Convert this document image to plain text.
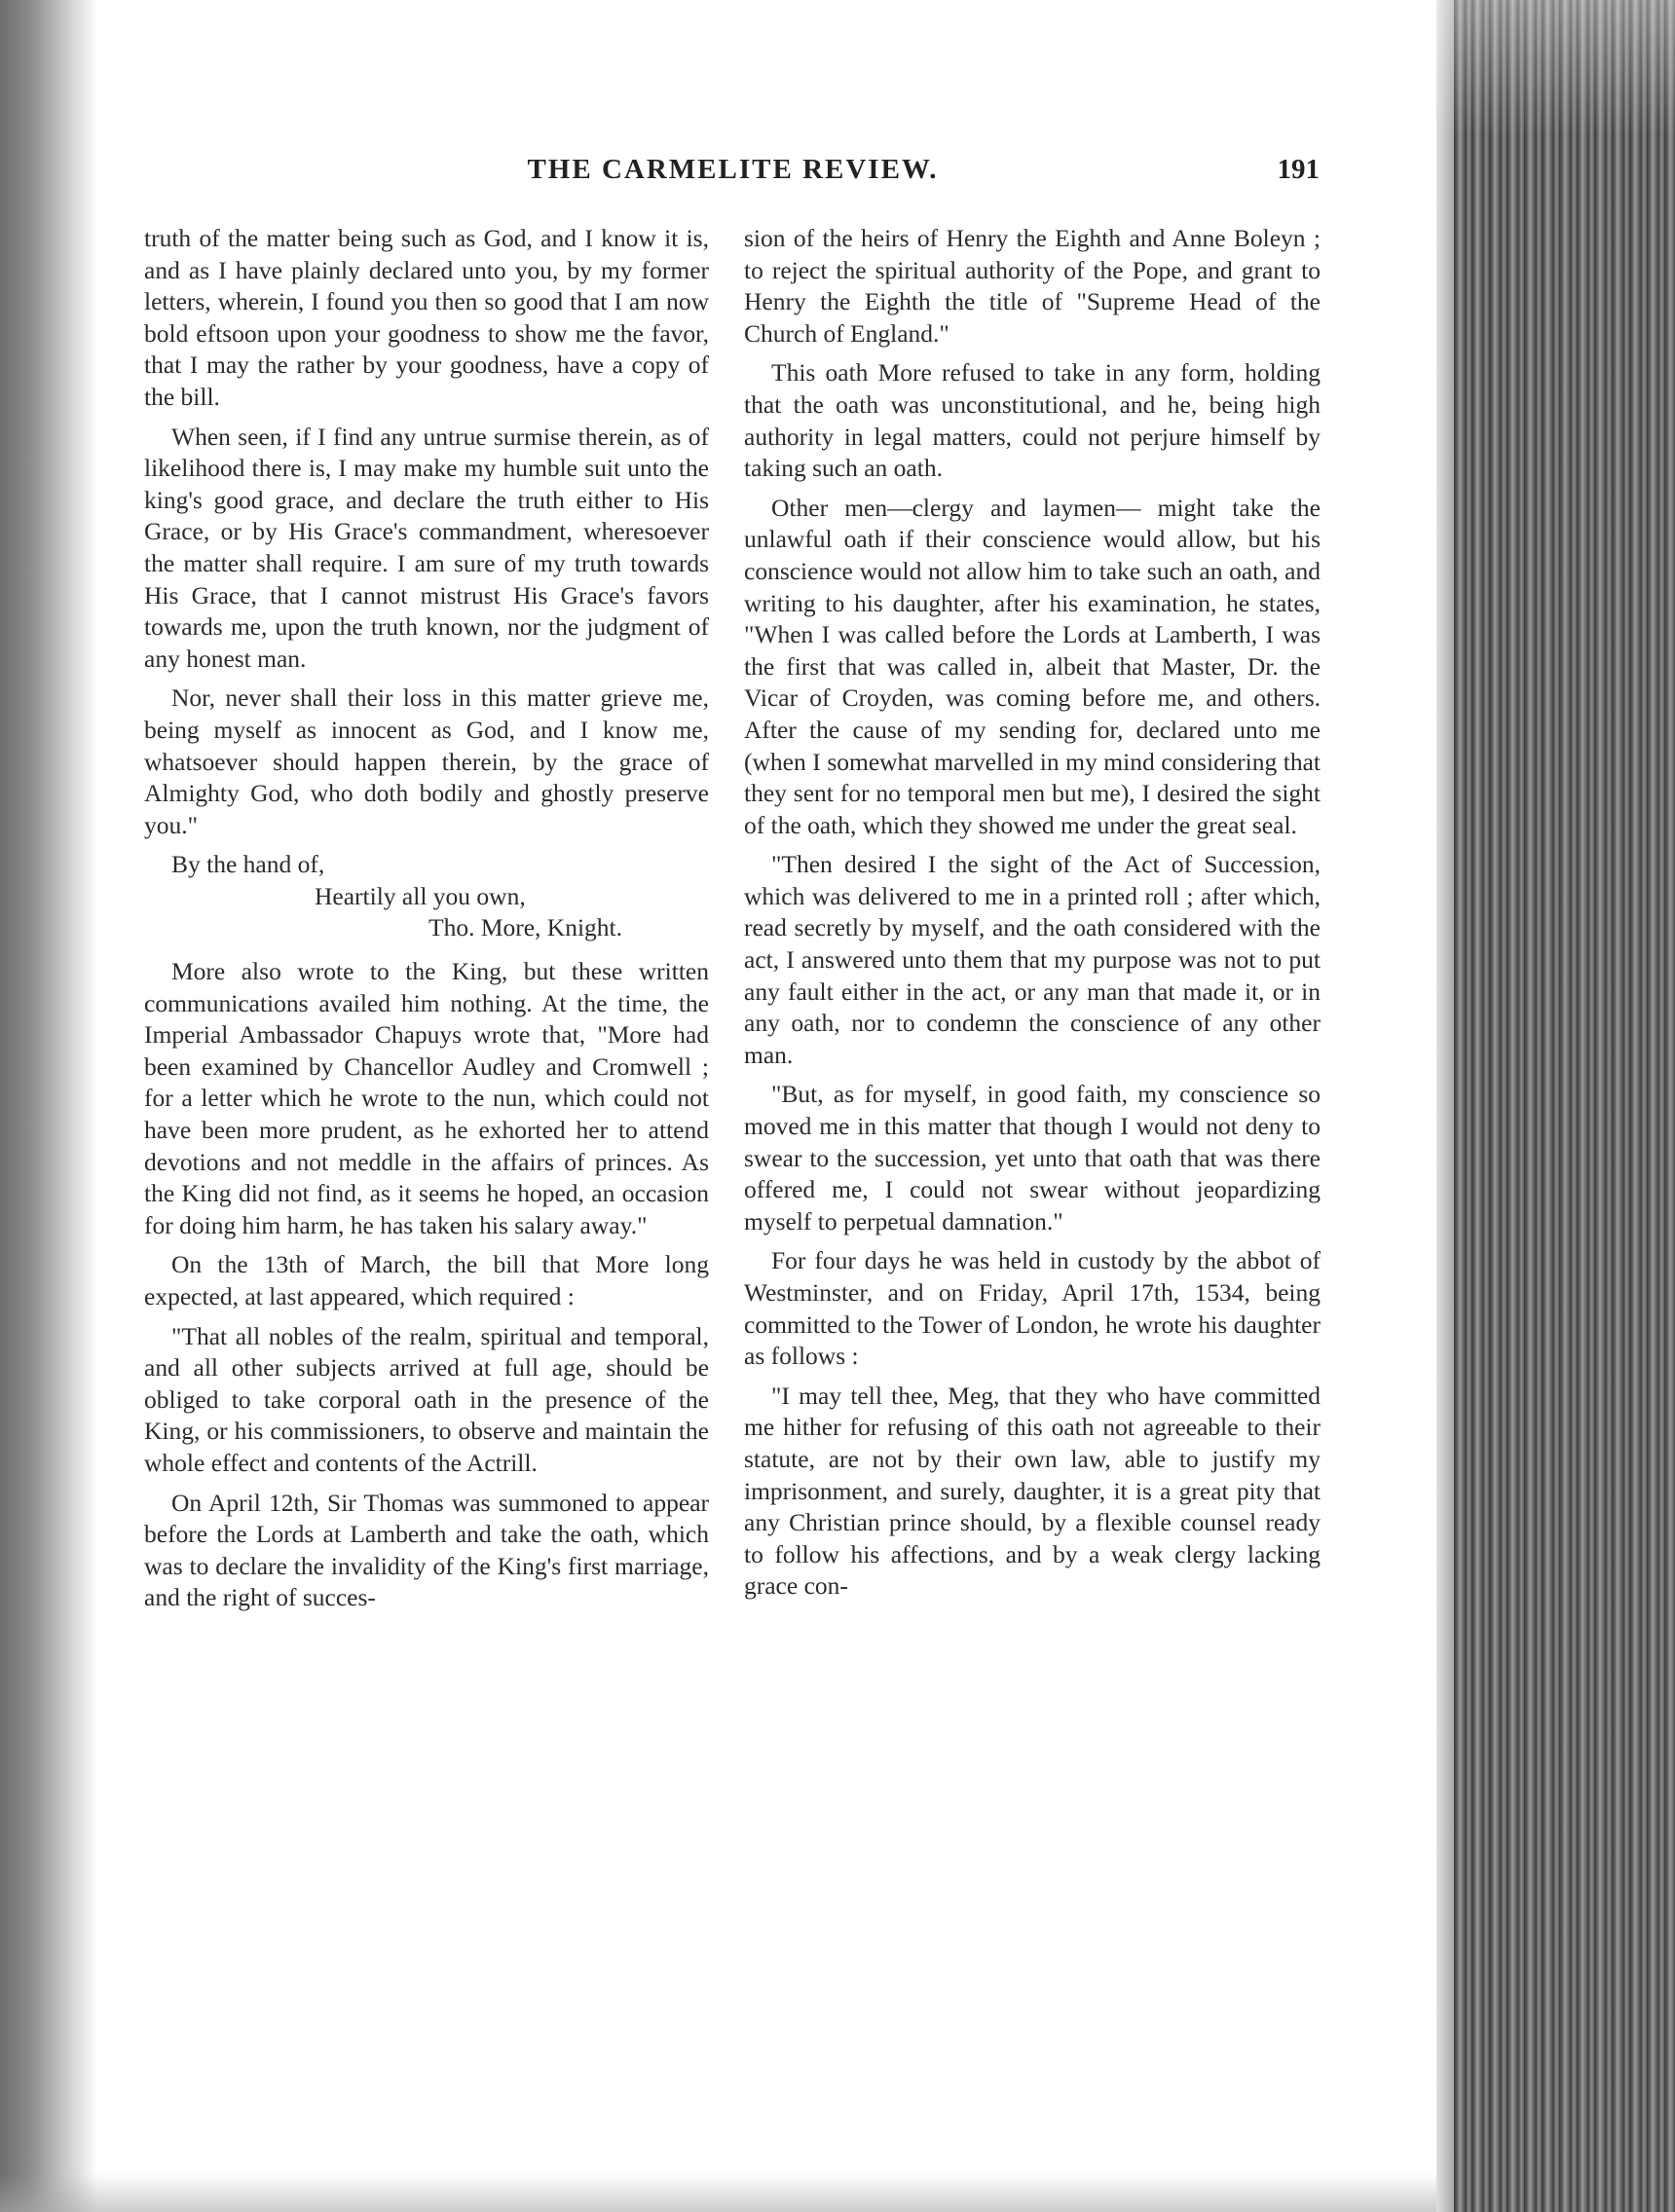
THE CARMELITE REVIEW.	191

truth of the matter being such as God, and I know it is, and as I have plainly declared unto you, by my former letters, wherein, I found you then so good that I am now bold eftsoon upon your goodness to show me the favor, that I may the rather by your goodness, have a copy of the bill.

When seen, if I find any untrue surmise therein, as of likelihood there is, I may make my humble suit unto the king's good grace, and declare the truth either to His Grace, or by His Grace's commandment, wheresoever the matter shall require. I am sure of my truth towards His Grace, that I cannot mistrust His Grace's favors towards me, upon the truth known, nor the judgment of any honest man.

Nor, never shall their loss in this matter grieve me, being myself as innocent as God, and I know me, whatsoever should happen therein, by the grace of Almighty God, who doth bodily and ghostly preserve you."

By the hand of,

Heartily all you own,

Tho. More, Knight.

More also wrote to the King, but these written communications availed him nothing. At the time, the Imperial Ambassador Chapuys wrote that, "More had been examined by Chancellor Audley and Cromwell ; for a letter which he wrote to the nun, which could not have been more prudent, as he exhorted her to attend devotions and not meddle in the affairs of princes. As the King did not find, as it seems he hoped, an occasion for doing him harm, he has taken his salary away."

On the 13th of March, the bill that More long expected, at last appeared, which required :

"That all nobles of the realm, spiritual and temporal, and all other subjects arrived at full age, should be obliged to take corporal oath in the presence of the King, or his commissioners, to observe and maintain the whole effect and contents of the Actrill.

On April 12th, Sir Thomas was summoned to appear before the Lords at Lamberth and take the oath, which was to declare the invalidity of the King's first marriage, and the right of succes-

sion of the heirs of Henry the Eighth and Anne Boleyn ; to reject the spiritual authority of the Pope, and grant to Henry the Eighth the title of "Supreme Head of the Church of England."

This oath More refused to take in any form, holding that the oath was unconstitutional, and he, being high authority in legal matters, could not perjure himself by taking such an oath.

Other men—clergy and laymen— might take the unlawful oath if their conscience would allow, but his conscience would not allow him to take such an oath, and writing to his daughter, after his examination, he states, "When I was called before the Lords at Lamberth, I was the first that was called in, albeit that Master, Dr. the Vicar of Croyden, was coming before me, and others. After the cause of my sending for, declared unto me (when I somewhat marvelled in my mind considering that they sent for no temporal men but me), I desired the sight of the oath, which they showed me under the great seal.

"Then desired I the sight of the Act of Succession, which was delivered to me in a printed roll ; after which, read secretly by myself, and the oath considered with the act, I answered unto them that my purpose was not to put any fault either in the act, or any man that made it, or in any oath, nor to condemn the conscience of any other man.

"But, as for myself, in good faith, my conscience so moved me in this matter that though I would not deny to swear to the succession, yet unto that oath that was there offered me, I could not swear without jeopardizing myself to perpetual damnation."

For four days he was held in custody by the abbot of Westminster, and on Friday, April 17th, 1534, being committed to the Tower of London, he wrote his daughter as follows :

"I may tell thee, Meg, that they who have committed me hither for refusing of this oath not agreeable to their statute, are not by their own law, able to justify my imprisonment, and surely, daughter, it is a great pity that any Christian prince should, by a flexible counsel ready to follow his affections, and by a weak clergy lacking grace con-
